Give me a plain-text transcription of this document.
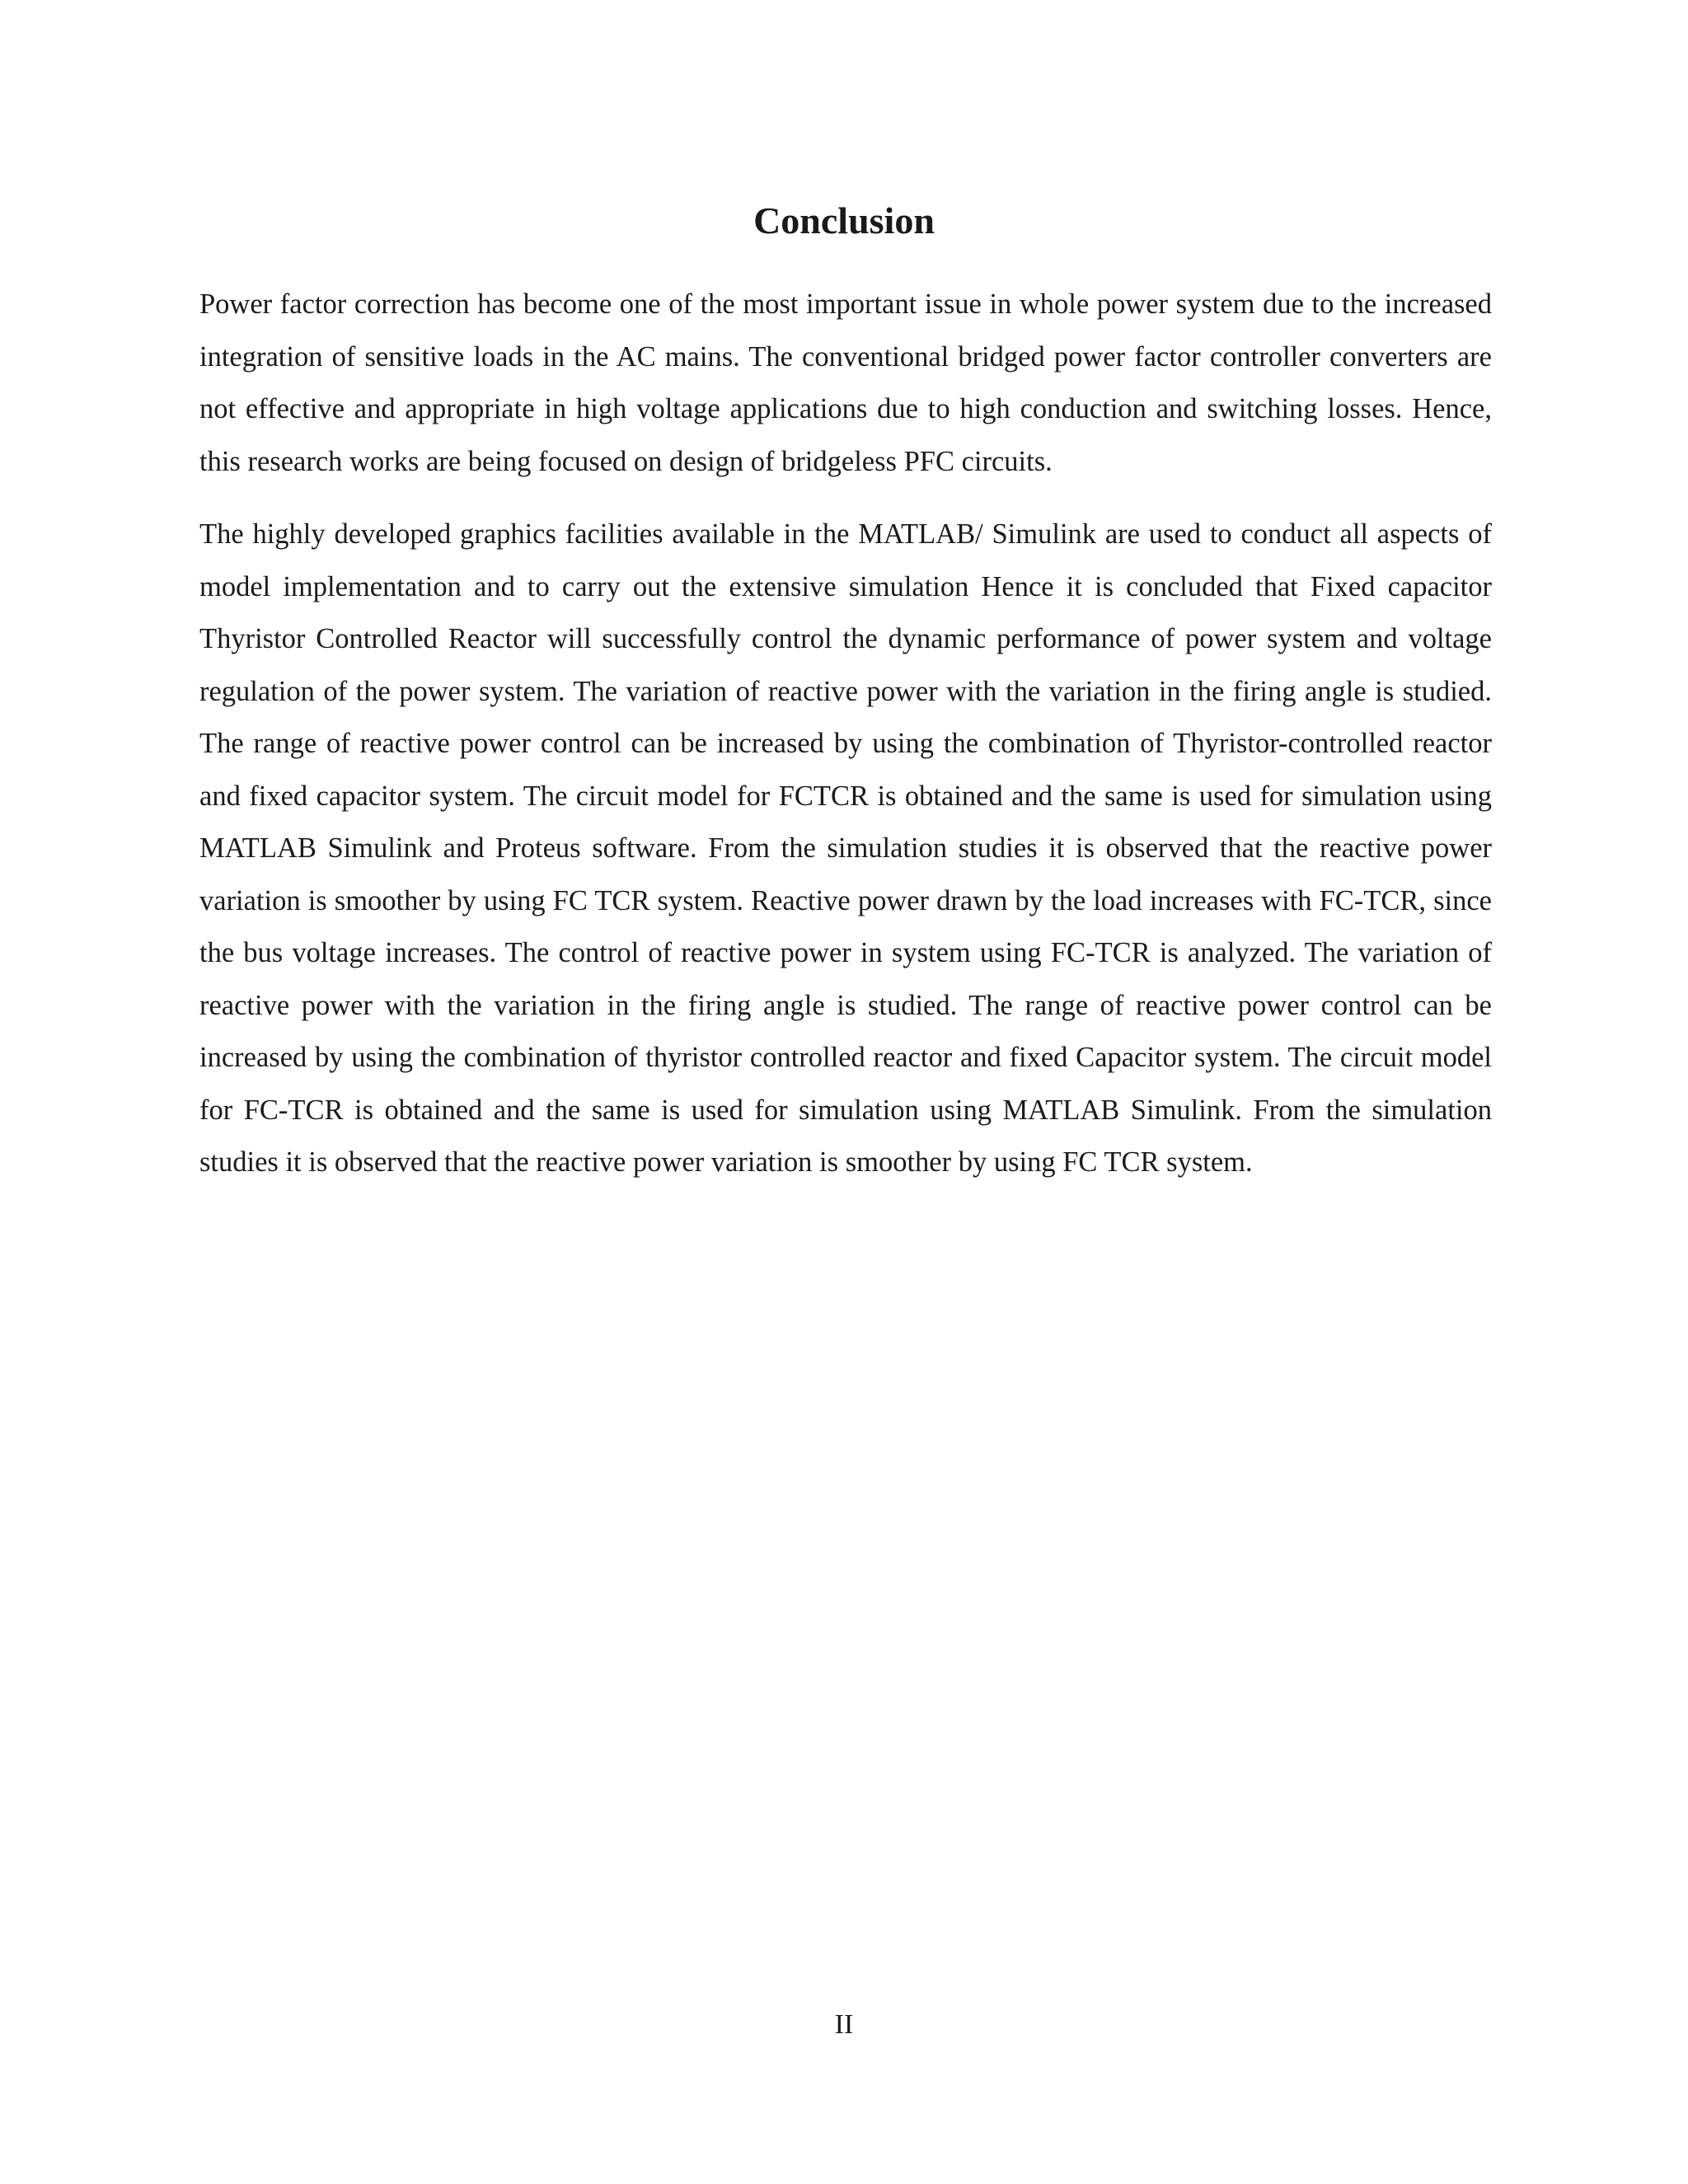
Conclusion

Power factor correction has become one of the most important issue in whole power system due to the increased integration of sensitive loads in the AC mains. The conventional bridged power factor controller converters are not effective and appropriate in high voltage applications due to high conduction and switching losses. Hence, this research works are being focused on design of bridgeless PFC circuits.

The highly developed graphics facilities available in the MATLAB/ Simulink are used to conduct all aspects of model implementation and to carry out the extensive simulation Hence it is concluded that Fixed capacitor Thyristor Controlled Reactor will successfully control the dynamic performance of power system and voltage regulation of the power system. The variation of reactive power with the variation in the firing angle is studied. The range of reactive power control can be increased by using the combination of Thyristor-controlled reactor and fixed capacitor system. The circuit model for FCTCR is obtained and the same is used for simulation using MATLAB Simulink and Proteus software. From the simulation studies it is observed that the reactive power variation is smoother by using FC TCR system. Reactive power drawn by the load increases with FC-TCR, since the bus voltage increases. The control of reactive power in system using FC-TCR is analyzed. The variation of reactive power with the variation in the firing angle is studied. The range of reactive power control can be increased by using the combination of thyristor controlled reactor and fixed Capacitor system. The circuit model for FC-TCR is obtained and the same is used for simulation using MATLAB Simulink. From the simulation studies it is observed that the reactive power variation is smoother by using FC TCR system.

II
